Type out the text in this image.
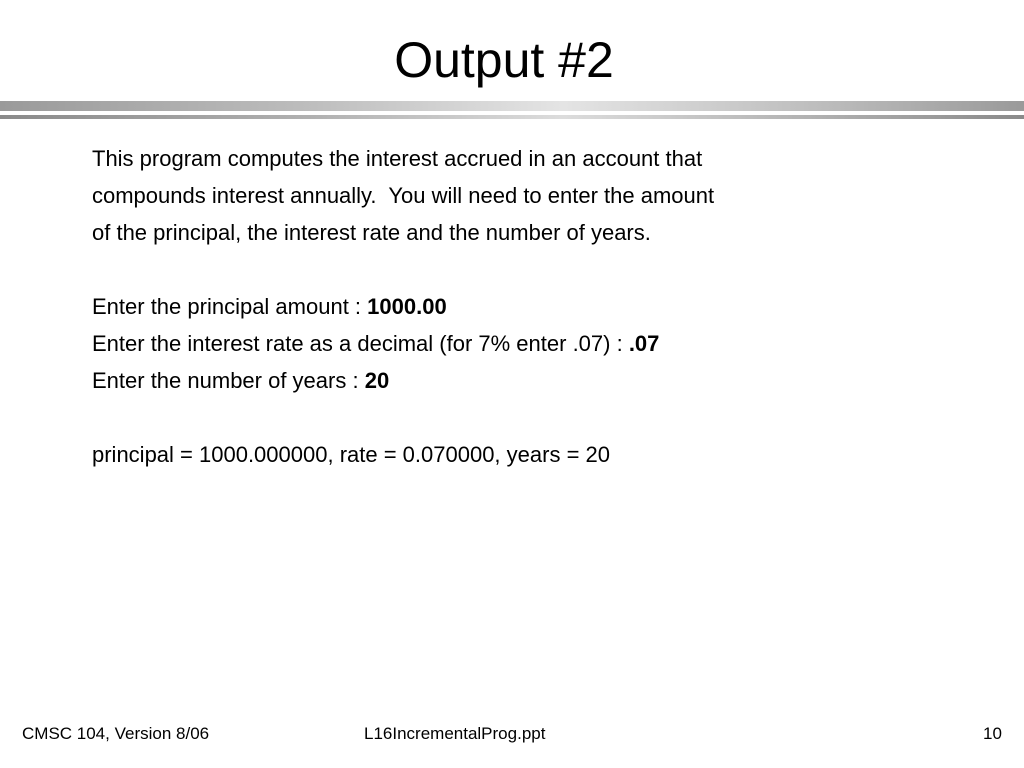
Output #2
This program computes the interest accrued in an account that
compounds interest annually.  You will need to enter the amount
of the principal, the interest rate and the number of years.
Enter the principal amount : 1000.00
Enter the interest rate as a decimal (for 7% enter .07) : .07
Enter the number of years : 20
principal = 1000.000000, rate = 0.070000, years = 20
CMSC 104, Version 8/06	L16IncrementalProg.ppt	10
